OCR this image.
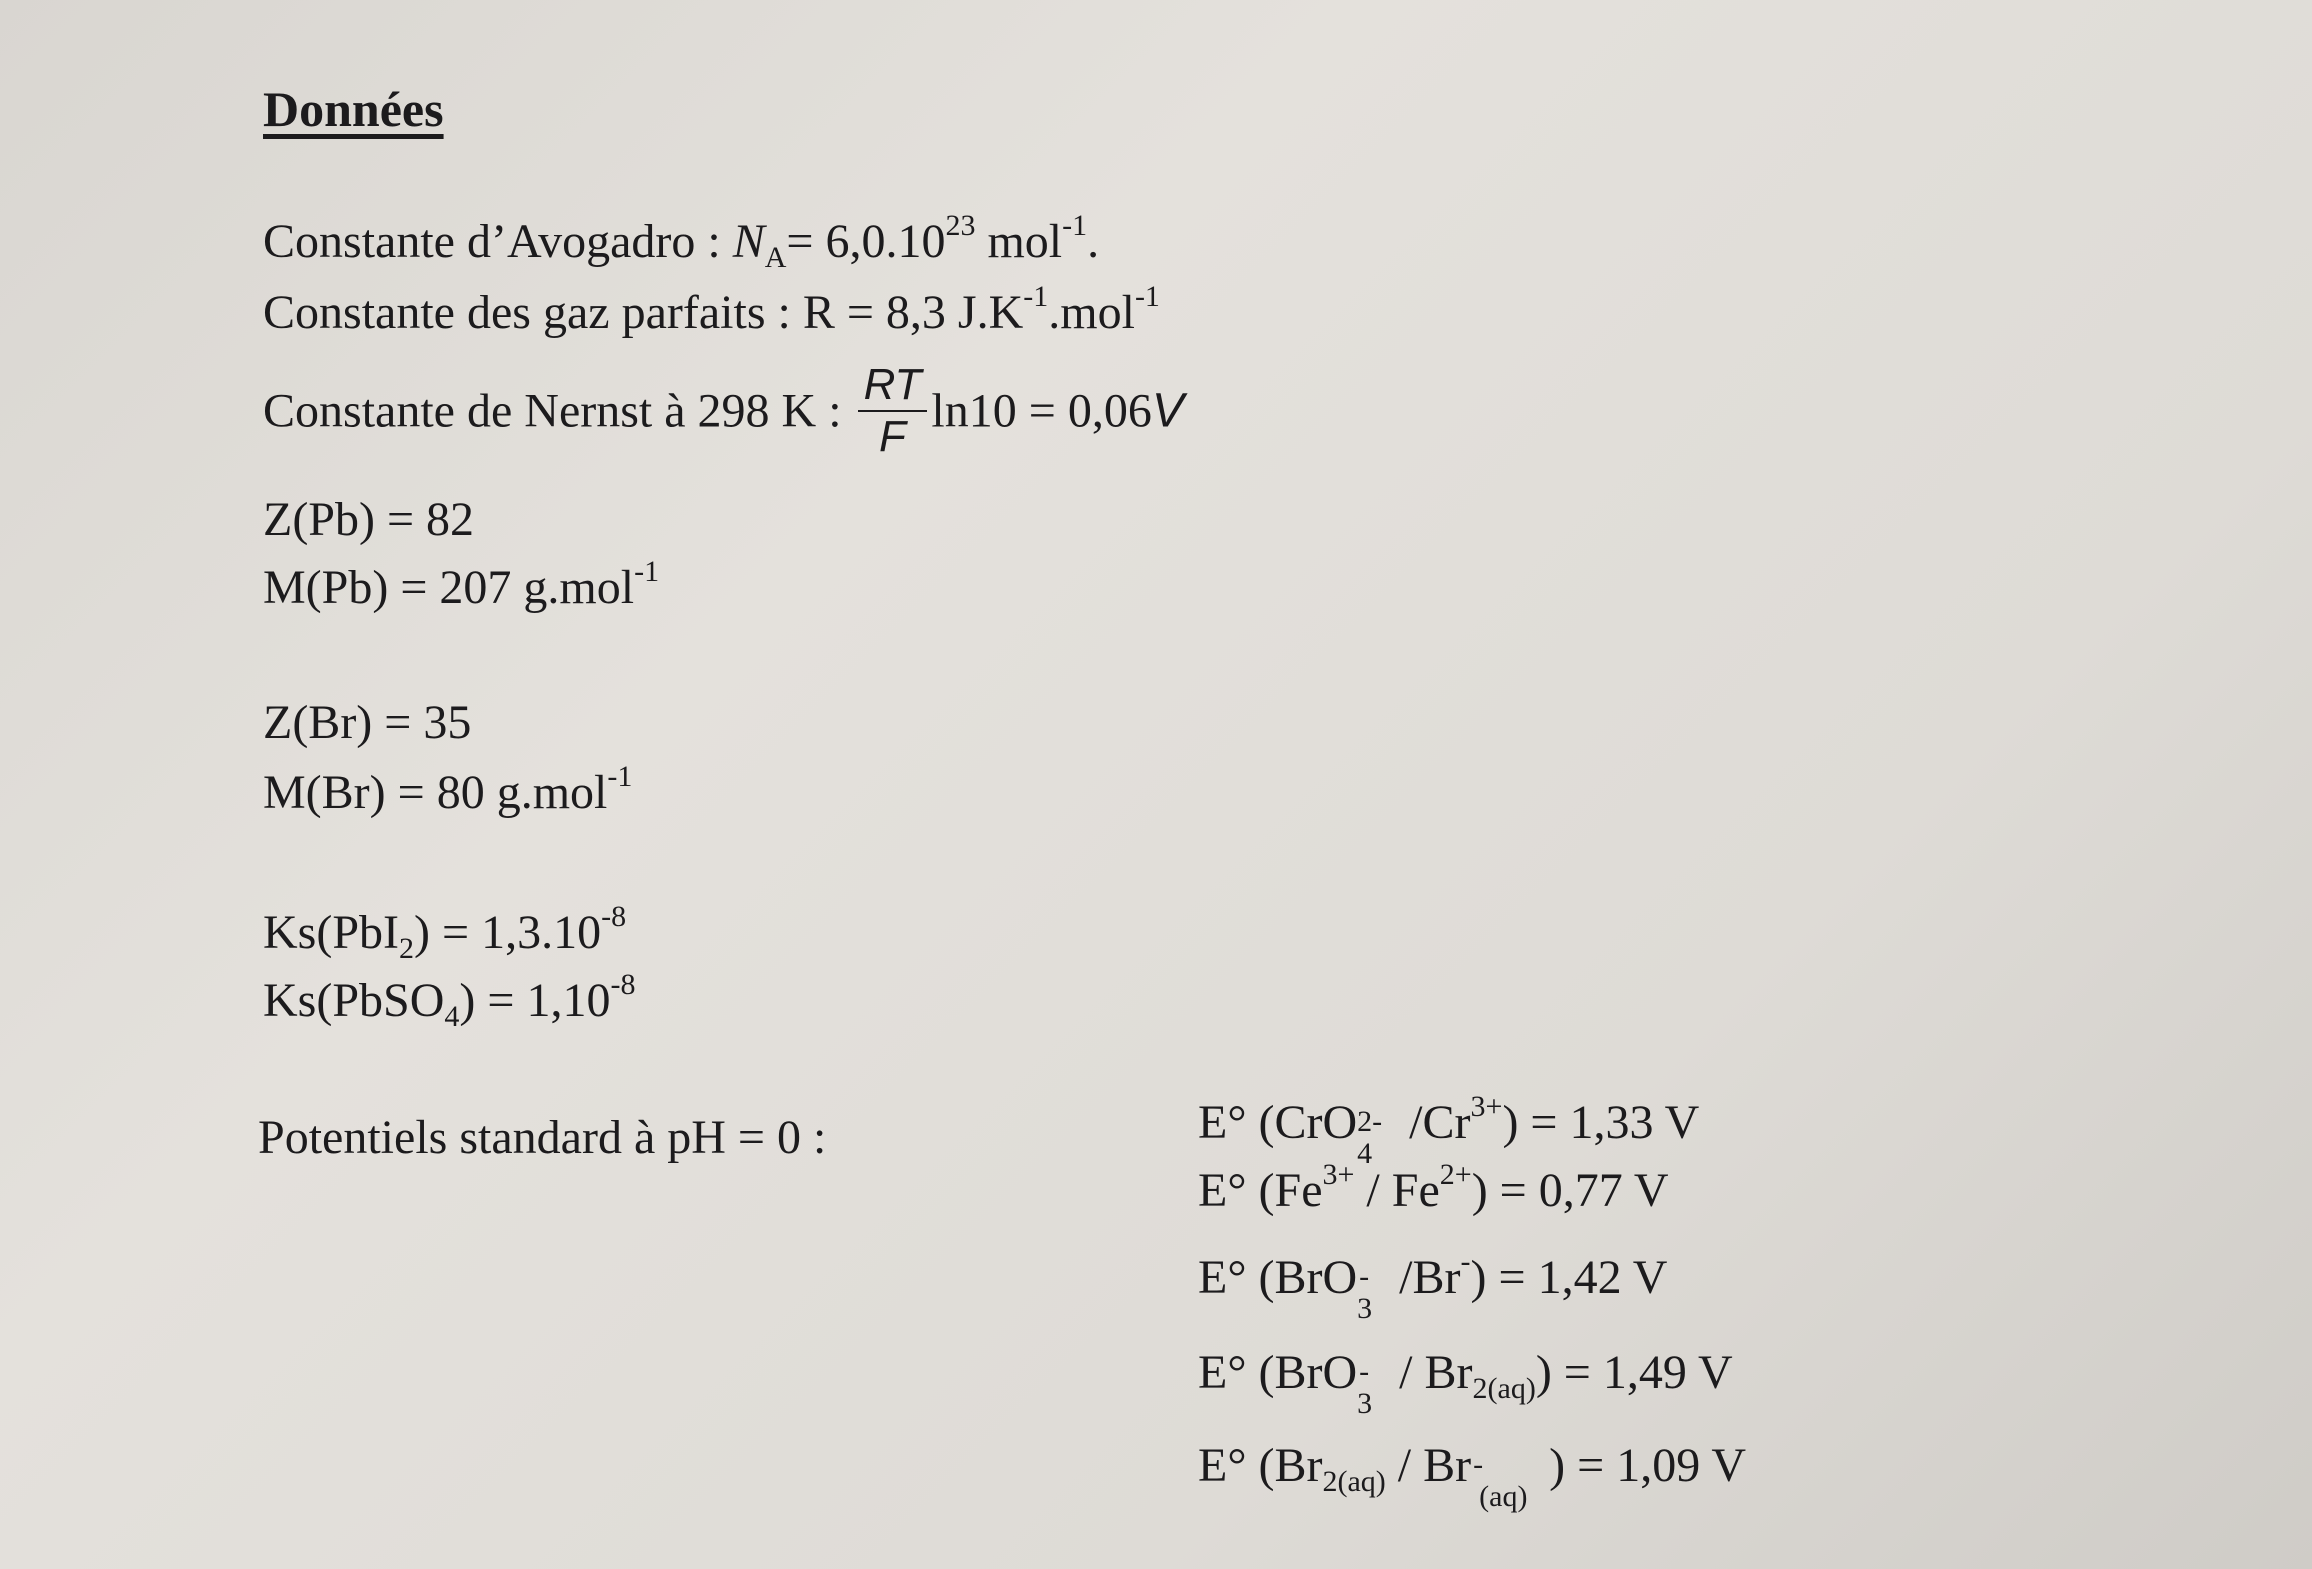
Données
Constante d’Avogadro : $N_A= 6,0.10^{23}$ mol$^{-1}$.
Constante des gaz parfaits : R = 8,3 $J.K^{-1}.mol^{-1}$
Constante de Nernst à 298 K : $\frac{RT}{F} \ln 10 = 0,06V$
Z(Pb) = 82
M(Pb) = 207 g.mol$^{-1}$
Z(Br) = 35
M(Br) = 80 g.mol$^{-1}$
$Ks(PbI_2) = 1,3.10^{-8}$
Ks(PbSO$_4$) = $1,10^{-8}$
Potentiels standard à pH = 0 :	E° (CrO 2-
4
$/Cr^{3+}) = 1,33$ V
E° $(Fe^{3+} / Fe^{2+}) = 0,77$ V
E° (BrO -
3
/Br-) = 1,42 V
E° (BrO -
3
/ $Br_{2(aq)}) = 1,49$ V
E° ($Br_{2(aq)}$ / Br -
(aq)
) = 1,09 V
